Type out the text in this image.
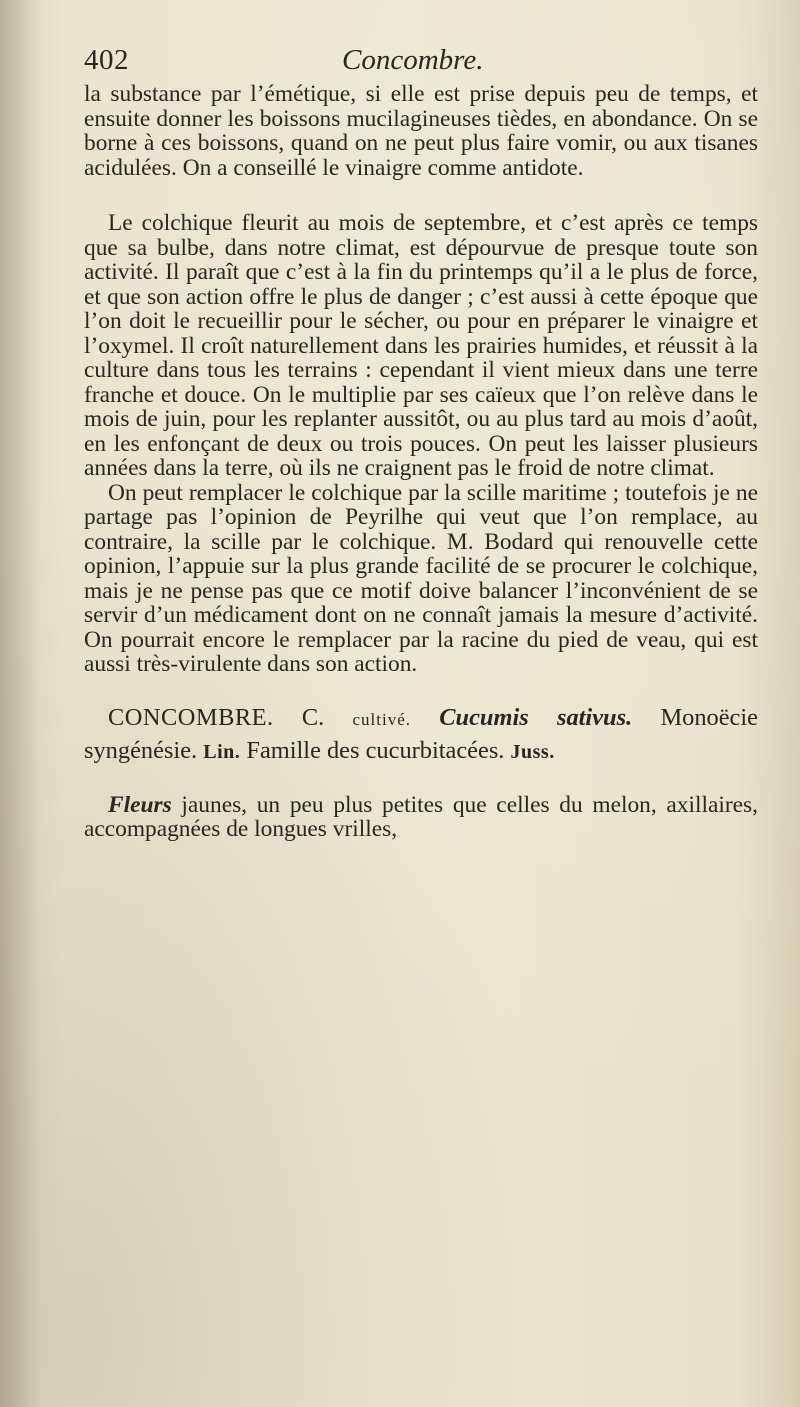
402	Concombre.

la substance par l’émétique, si elle est prise depuis peu de temps, et ensuite donner les boissons mucilagineuses tièdes, en abondance. On se borne à ces boissons, quand on ne peut plus faire vomir, ou aux tisanes acidulées. On a conseillé le vinaigre comme antidote.

Le colchique fleurit au mois de septembre, et c’est après ce temps que sa bulbe, dans notre climat, est dépourvue de presque toute son activité. Il paraît que c’est à la fin du printemps qu’il a le plus de force, et que son action offre le plus de danger ; c’est aussi à cette époque que l’on doit le recueillir pour le sécher, ou pour en préparer le vinaigre et l’oxymel. Il croît naturellement dans les prairies humides, et réussit à la culture dans tous les terrains : cependant il vient mieux dans une terre franche et douce. On le multiplie par ses caïeux que l’on relève dans le mois de juin, pour les replanter aussitôt, ou au plus tard au mois d’août, en les enfonçant de deux ou trois pouces. On peut les laisser plusieurs années dans la terre, où ils ne craignent pas le froid de notre climat.

On peut remplacer le colchique par la scille maritime ; toutefois je ne partage pas l’opinion de Peyrilhe qui veut que l’on remplace, au contraire, la scille par le colchique. M. Bodard qui renouvelle cette opinion, l’appuie sur la plus grande facilité de se procurer le colchique, mais je ne pense pas que ce motif doive balancer l’inconvénient de se servir d’un médicament dont on ne connaît jamais la mesure d’activité. On pourrait encore le remplacer par la racine du pied de veau, qui est aussi très-virulente dans son action.

CONCOMBRE. C. cultivé. Cucumis sativus. Monoëcie syngénésie. Lin. Famille des cucurbitacées. Juss.

Fleurs jaunes, un peu plus petites que celles du melon, axillaires, accompagnées de longues vrilles,
